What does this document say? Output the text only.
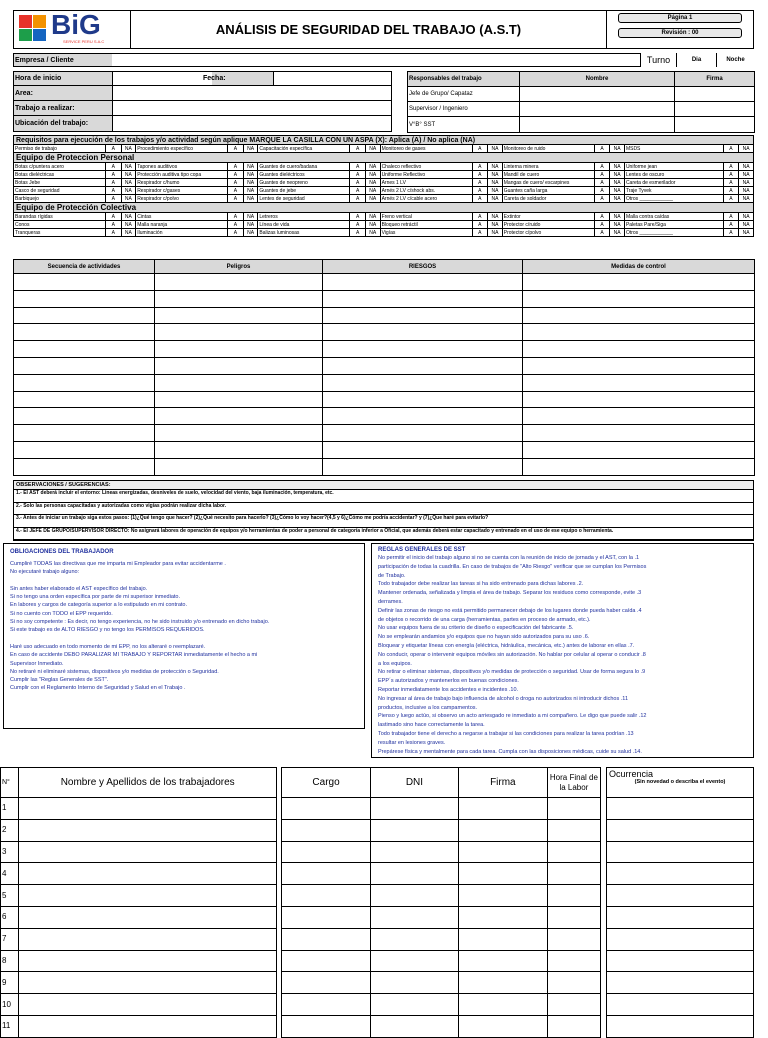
BiG
SERVICE PERU S.A.C
ANÁLISIS DE SEGURIDAD DEL TRABAJO (A.S.T)
Página 1
Revisión : 00
Empresa / Cliente	Turno	Dia	Noche
Hora de inicio	Fecha:
Area:
Trabajo a realizar:
Ubicación del trabajo:
Responsables del trabajo	Nombre	Firma
Jefe de Grupo/ Capataz		
Supervisor / Ingeniero		
V°B° SST		
Requisitos para ejecución de los trabajos y/o actividad según aplique MARQUE LA CASILLA CON UN ASPA (X): Aplica (A) / No aplica (NA)
Permiso de trabajo	A	NA	Procedimiento específico	A	NA	Capacitación específica	A	NA	Monitoreo de gases	A	NA	Monitoreo de ruido	A	NA	MSDS	A	NA
Equipo de Proteccion Personal
Botas c/puntera acero	A	NA	Tapones auditivos	A	NA	Guantes de cuero/badana	A	NA	Chaleco reflectivo	A	NA	Linterna minera	A	NA	Uniforme jean	A	NA
Botas dieléctricas	A	NA	Protección auditiva tipo copa	A	NA	Guantes dieléctricos	A	NA	Uniforme Reflectivo	A	NA	Mandil de cuero	A	NA	Lentes de oscuro	A	NA
Botas Jebe	A	NA	Respirador c/humo	A	NA	Guantes de neopreno	A	NA	Arnes 1 LV	A	NA	Mangas de cuero/ escarpines	A	NA	Careta de esmerilador	A	NA
Casco de seguridad	A	NA	Respirador c/gases	A	NA	Guantes de jebe	A	NA	Arnés 2 LV c/shock abs.	A	NA	Guantes caña larga	A	NA	Traje Tyvek	A	NA
Barbiquejo	A	NA	Respirador c/polvo	A	NA	Lentes de seguridad	A	NA	Arnés 2 LV c/cable acero	A	NA	Careta de soldador	A	NA	Otros ____________	A	NA
Equipo de Protección Colectiva
Barandas rígidas	A	NA	Cintas	A	NA	Letreros	A	NA	Freno vertical	A	NA	Extintor	A	NA	Malla contra caídas	A	NA
Conos	A	NA	Malla naranja	A	NA	Línea de vida	A	NA	Bloqueo retráctil	A	NA	Protector c/ruido	A	NA	Paletas Pare/Siga	A	NA
Tranqueras	A	NA	Iluminación	A	NA	Balizas luminosas	A	NA	Vigías	A	NA	Protector c/polvo	A	NA	Otros ____________	A	NA
Secuencia de actividades	Peligros	RIESGOS	Medidas de control

OBSERVACIONES / SUGERENCIAS:
1.- El AST deberá incluir el entorno: Lineas energizadas, desniveles de suelo, velocidad del viento, baja iluminación, temperatura, etc.
2.- Solo las personas capacitadas y autorizadas como vigías podrán realizar dicha labor.
3.- Antes de iniciar un trabajo siga estos pasos: (1)¿Qué tengo que hacer? (2)¿Qué necesito para hacerlo? (3)¿Cómo lo voy hacer?(4,5 y 6)¿Cómo me podría accidentar? y (7)¿Que haré para evitarlo?
4.- El JEFE DE GRUPO/SUPERVISOR DIRECTO: No asignará labores de operación de equipos y/o herramientas de poder a personal de categoría inferior a Oficial, que además deberá estar capacitado y entrenado en el uso de ese equipo o herramienta.
OBLIGACIONES DEL TRABAJADOR
Cumpliré TODAS las directivas que me imparta mi Empleador para evitar accidentarme .
No ejecutaré trabajo alguno:
Sin antes haber elaborado el AST específico del trabajo.
Si no tengo una orden específica por parte de mi superisor inmediato.
En labores y cargos de categoría superior a lo estipulado en mi contrato.
Si no cuento con TODO el EPP requerido.
Si no soy competente : Es decir, no tengo experiencia, no he sido instruido y/o entrenado en dicho trabajo.
Si este trabajo es de ALTO RIESGO y no tengo los PERMISOS REQUERIDOS.
Haré uso adecuado en todo momento de mi EPP, no los alteraré o reemplazaré.
En caso de accidente DEBO PARALIZAR MI TRABAJO Y REPORTAR inmediatamente el hecho a mi
Supervisor Inmediato.
No retiraré ni eliminaré sistemas, dispositivos y/o medidas de protección o Seguridad.
Cumplir las "Reglas Generales de SST".
Cumplir con el Reglamento Interno de Seguridad y Salud en el Trabajo .
REGLAS GENERALES DE SST
No permitir el inicio del trabajo alguno si no se cuenta con la reunión de inicio de jornada y el AST, con la .1
participación de todas la cuadrilla. En caso de trabajos de "Alto Riesgo" verificar que se cumplan los Permisos
.de Trabajo
.Todo trabajador debe realizar las tareas si ha sido entrenado para dichas labores .2
Mantener ordenada, señalizada y limpia el área de trabajo. Separar los residuos como corresponde, evite .3
.derrames
Definir las zonas de riesgo no está permitido permanecer debajo de los lugares donde pueda haber caída .4
.de objetos o recorrido de una carga (herramientas, partes en proceso de armado, etc.)
.No usar equipos fuera de su criterio de diseño o especificación del fabricante .5
.No se emplearán andamios y/o equipos que no hayan sido autorizados para su uso .6
.Bloquear y etiquetar líneas con energía (eléctrica, hidráulica, mecánica, etc.) antes de laborar en ellas .7
No conducir, operar o intervenir equipos móviles sin autorización. No hablar por celular al operar o conducir .8
.a los equipos
No retirar o eliminar sistemas, dispositivos y/o medidas de protección o seguridad. Usar de forma segura lo .9
.EPP´s autorizados y mantenerlos en buenas condiciones
.Reportar inmediatamente los accidentes e incidentes .10
No ingresar al área de trabajo bajo influencia de alcohol o droga no autorizados ni introducir dichos .11
.productos, inclusive a los campamentos
Pienso y luego actúo, si observo un acto arriesgado re inmediato a mi compañero. Le digo que puede salir .12
.lastimado sino hace correctamente la tarea
Todo trabajador tiene el derecho a negarse a trabajar si las condiciones para realizar la tarea podrían .13
.resultar en lesiones graves
.Prepárese física y mentalmente para cada tarea. Cumpla con las disposiciones médicas, cuide su salud .14
N°	Nombre y Apellidos de los trabajadores		Cargo	DNI	Firma	Hora Final de la Labor
1						
2						
3						
4						
5						
6						
7						
8						
9						
10						
11						
Ocurrencia
(Sin novedad o describa el evento)
